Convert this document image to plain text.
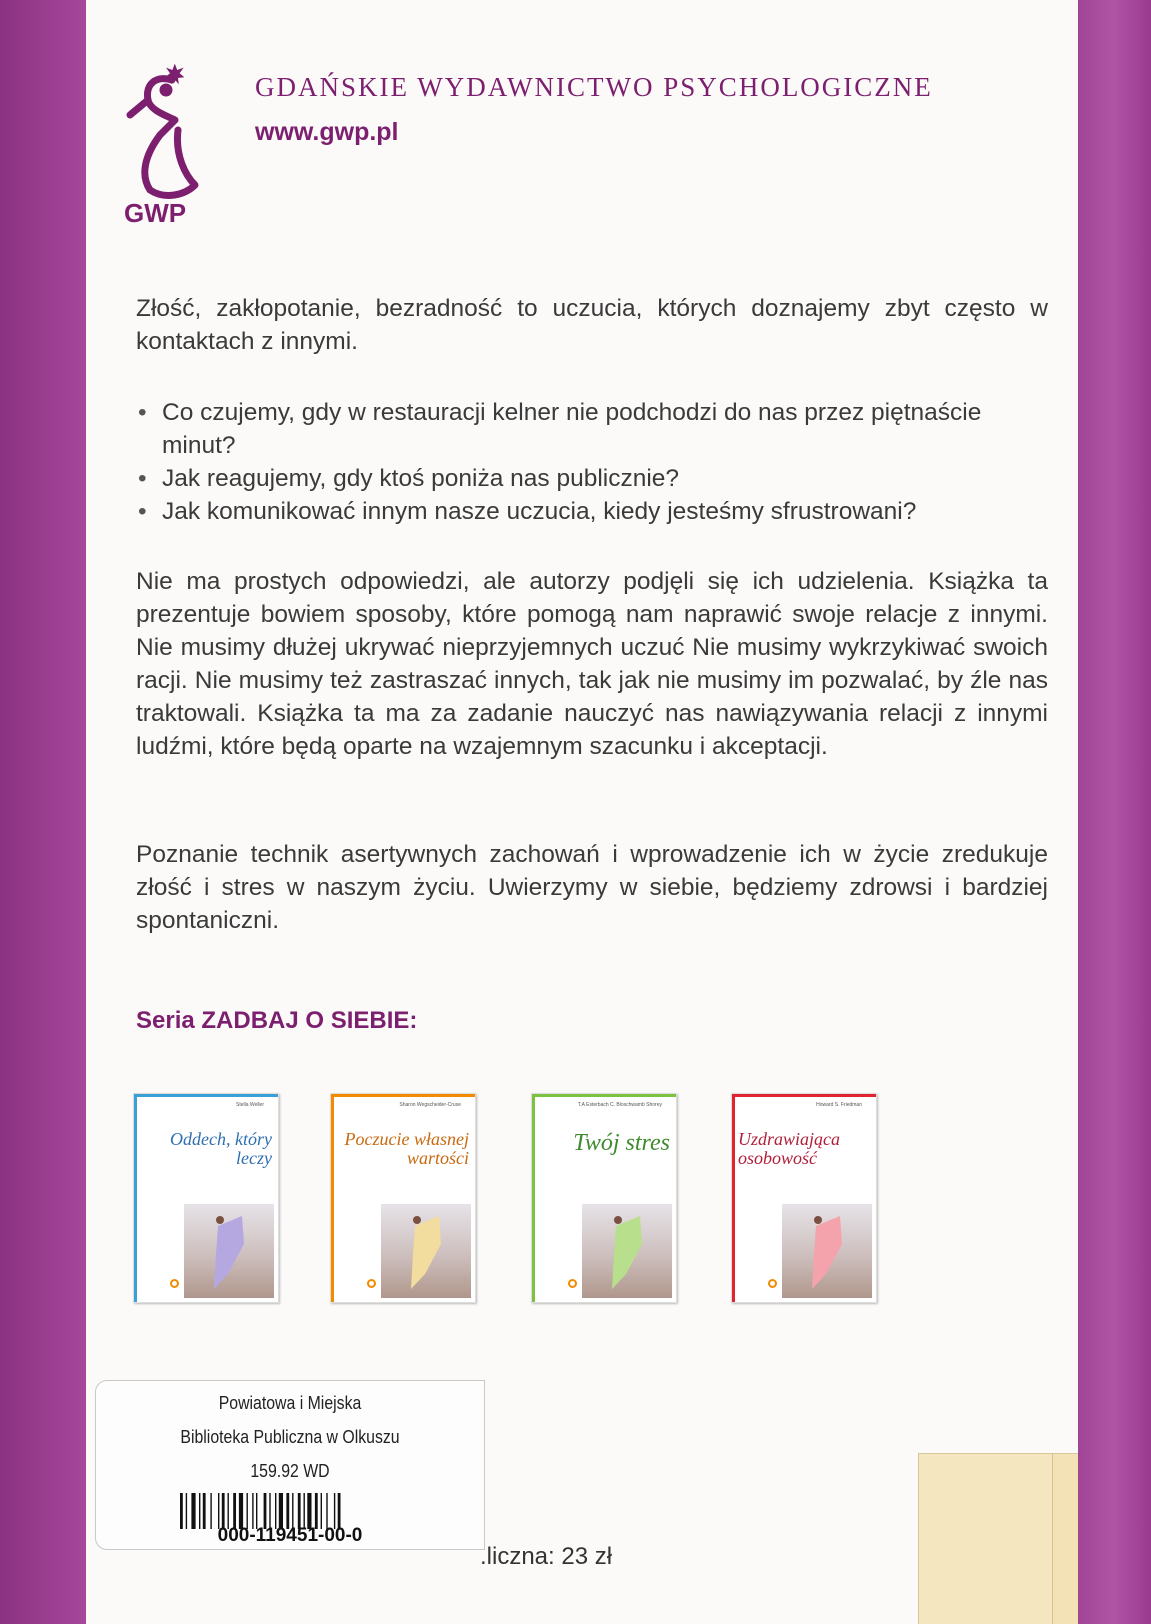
GWP
GDAŃSKIE WYDAWNICTWO PSYCHOLOGICZNE
www.gwp.pl

Złość, zakłopotanie, bezradność to uczucia, których doznajemy zbyt często w kontaktach z innymi.

• Co czujemy, gdy w restauracji kelner nie podchodzi do nas przez piętnaście minut?
• Jak reagujemy, gdy ktoś poniża nas publicznie?
• Jak komunikować innym nasze uczucia, kiedy jesteśmy sfrustrowani?

Nie ma prostych odpowiedzi, ale autorzy podjęli się ich udzielenia. Książka ta prezentuje bowiem sposoby, które pomogą nam naprawić swoje relacje z innymi. Nie musimy dłużej ukrywać nieprzyjemnych uczuć Nie musimy wykrzykiwać swoich racji. Nie musimy też zastraszać innych, tak jak nie musimy im pozwalać, by źle nas traktowali. Książka ta ma za zadanie nauczyć nas nawiązywania relacji z innymi ludźmi, które będą oparte na wzajemnym szacunku i akceptacji.

Poznanie technik asertywnych zachowań i wprowadzenie ich w życie zredukuje złość i stres w naszym życiu. Uwierzymy w siebie, będziemy zdrowsi i bardziej spontaniczni.

Seria ZADBAJ O SIEBIE:
Stella Weller
Oddech, który leczy
Sharon Wegscheider-Cruse
Poczucie własnej wartości
T.A Esterbach C. Bloschwamb Shorey
Twój stres
Howard S. Friedman
Uzdrawiająca osobowość
Powiatowa i Miejska
Biblioteka Publiczna w Olkuszu
159.92 WD
000-119451-00-0
.liczna: 23 zł
